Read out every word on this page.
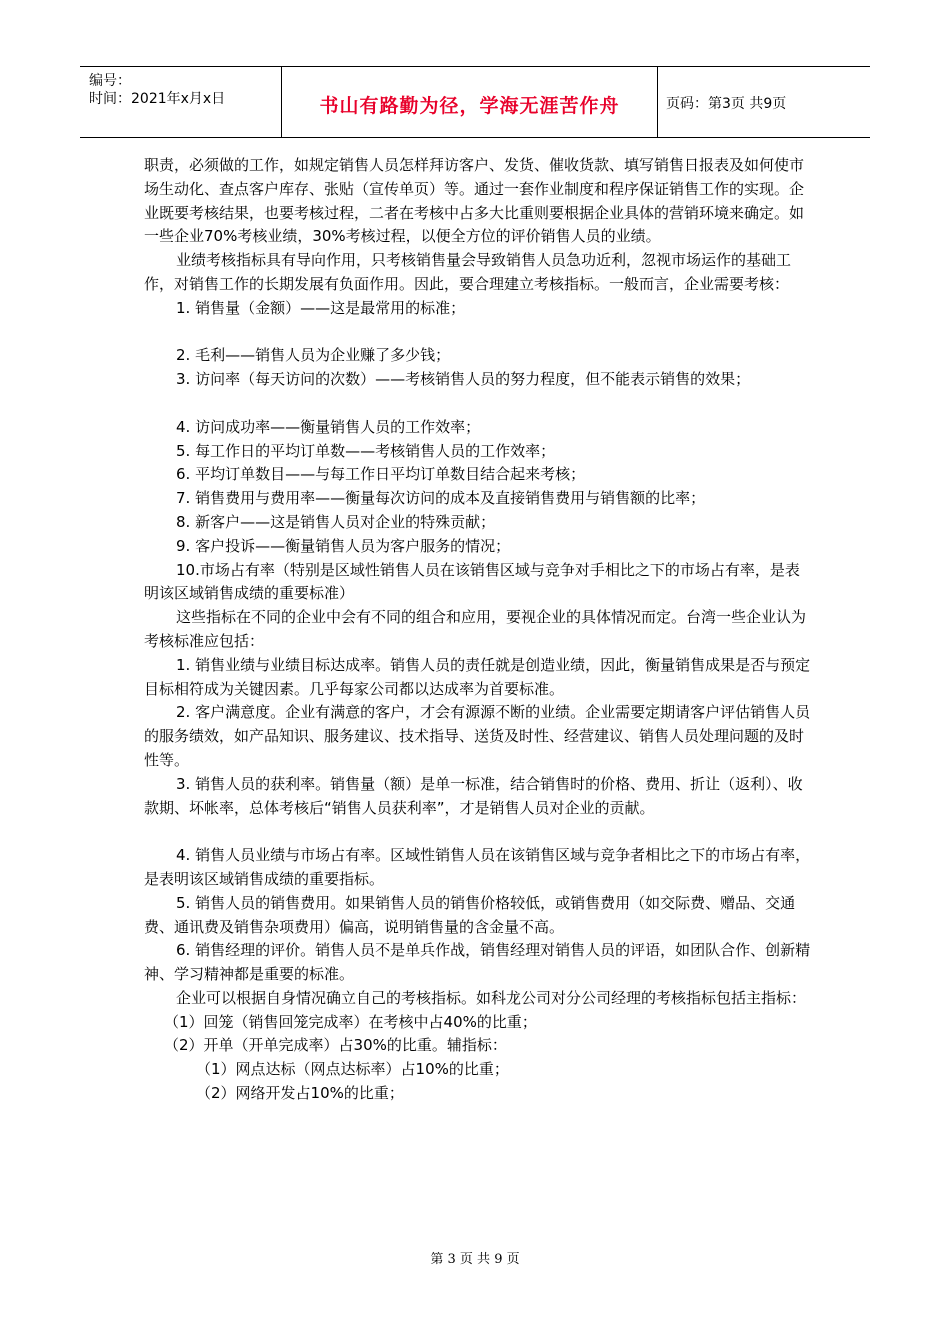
编号：
时间：2021年x月x日	书山有路勤为径，学海无涯苦作舟	页码：第3页 共9页

职责，必须做的工作，如规定销售人员怎样拜访客户、发货、催收货款、填写销售日报表及如何使市场生动化、查点客户库存、张贴（宣传单页）等。通过一套作业制度和程序保证销售工作的实现。企业既要考核结果，也要考核过程，二者在考核中占多大比重则要根据企业具体的营销环境来确定。如一些企业70%考核业绩，30%考核过程，以便全方位的评价销售人员的业绩。

业绩考核指标具有导向作用，只考核销售量会导致销售人员急功近利，忽视市场运作的基础工作，对销售工作的长期发展有负面作用。因此，要合理建立考核指标。一般而言，企业需要考核：

1. 销售量（金额）——这是最常用的标准；

2. 毛利——销售人员为企业赚了多少钱；

3. 访问率（每天访问的次数）——考核销售人员的努力程度，但不能表示销售的效果；

4. 访问成功率——衡量销售人员的工作效率；

5. 每工作日的平均订单数——考核销售人员的工作效率；

6. 平均订单数目——与每工作日平均订单数目结合起来考核；

7. 销售费用与费用率——衡量每次访问的成本及直接销售费用与销售额的比率；

8. 新客户——这是销售人员对企业的特殊贡献；

9. 客户投诉——衡量销售人员为客户服务的情况；

10.市场占有率（特别是区域性销售人员在该销售区域与竞争对手相比之下的市场占有率，是表明该区域销售成绩的重要标准）

这些指标在不同的企业中会有不同的组合和应用，要视企业的具体情况而定。台湾一些企业认为考核标准应包括：

1. 销售业绩与业绩目标达成率。销售人员的责任就是创造业绩，因此，衡量销售成果是否与预定目标相符成为关键因素。几乎每家公司都以达成率为首要标准。

2. 客户满意度。企业有满意的客户，才会有源源不断的业绩。企业需要定期请客户评估销售人员的服务绩效，如产品知识、服务建议、技术指导、送货及时性、经营建议、销售人员处理问题的及时性等。

3. 销售人员的获利率。销售量（额）是单一标准，结合销售时的价格、费用、折让（返利）、收款期、坏帐率，总体考核后“销售人员获利率”，才是销售人员对企业的贡献。

4. 销售人员业绩与市场占有率。区域性销售人员在该销售区域与竞争者相比之下的市场占有率，是表明该区域销售成绩的重要指标。

5. 销售人员的销售费用。如果销售人员的销售价格较低，或销售费用（如交际费、赠品、交通费、通讯费及销售杂项费用）偏高，说明销售量的含金量不高。

6. 销售经理的评价。销售人员不是单兵作战，销售经理对销售人员的评语，如团队合作、创新精神、学习精神都是重要的标准。

企业可以根据自身情况确立自己的考核指标。如科龙公司对分公司经理的考核指标包括主指标：

（1）回笼（销售回笼完成率）在考核中占40%的比重；

（2）开单（开单完成率）占30%的比重。辅指标：

（1）网点达标（网点达标率）占10%的比重；

（2）网络开发占10%的比重；

第 3 页 共 9 页
